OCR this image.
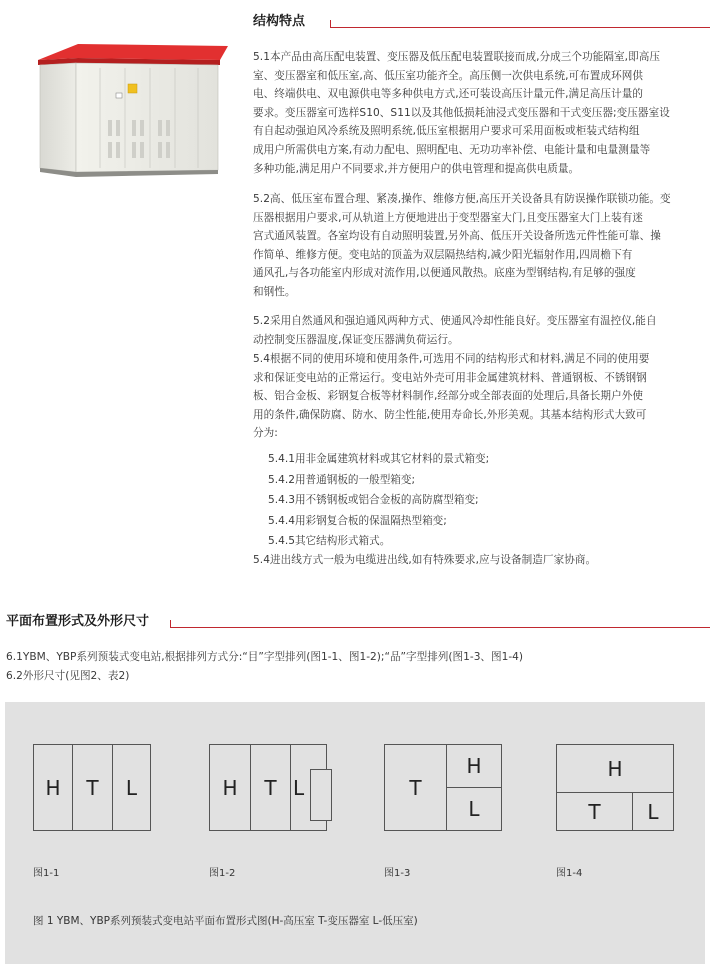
结构特点
5.1本产品由高压配电装置、变压器及低压配电装置联接而成,分成三个功能隔室,即高压
室、变压器室和低压室,高、低压室功能齐全。高压侧一次供电系统,可布置成环网供
电、终端供电、双电源供电等多种供电方式,还可装设高压计量元件,满足高压计量的
要求。变压器室可选样S10、S11以及其他低损耗油浸式变压器和干式变压器;变压器室设
有自起动强迫风冷系统及照明系统,低压室根据用户要求可采用面板或柜装式结构组
成用户所需供电方案,有动力配电、照明配电、无功功率补偿、电能计量和电量测量等
多种功能,满足用户不同要求,并方便用户的供电管理和提高供电质量。
5.2高、低压室布置合理、紧凑,操作、维修方便,高压开关设备具有防误操作联锁功能。变
压器根据用户要求,可从轨道上方便地进出于变型器室大门,且变压器室大门上装有迷
宫式通风装置。各室均设有自动照明装置,另外高、低压开关设备所选元件性能可靠、操
作简单、维修方便。变电站的顶盖为双层隔热结构,减少阳光辐射作用,四周檐下有
通风孔,与各功能室内形成对流作用,以便通风散热。底座为型钢结构,有足够的强度
和钢性。
5.2采用自然通风和强迫通风两种方式、使通风冷却性能良好。变压器室有温控仪,能自
动控制变压器温度,保证变压器满负荷运行。
5.4根据不同的使用环境和使用条件,可选用不同的结构形式和材料,满足不同的使用要
求和保证变电站的正常运行。变电站外壳可用非金属建筑材料、普通钢板、不锈钢钢
板、铝合金板、彩钢复合板等材料制作,经部分或全部表面的处理后,具备长期户外使
用的条件,确保防腐、防水、防尘性能,使用寿命长,外形美观。其基本结构形式大致可
分为:
5.4.1用非金属建筑材料或其它材料的景式箱变;
5.4.2用普通钢板的一般型箱变;
5.4.3用不锈钢板或铝合金板的高防腐型箱变;
5.4.4用彩钢复合板的保温隔热型箱变;
5.4.5其它结构形式箱式。
5.4进出线方式一般为电缆进出线,如有特殊要求,应与设备制造厂家协商。
平面布置形式及外形尺寸
6.1YBM、YBP系列预装式变电站,根据排列方式分:“目”字型排列(图1-1、图1-2);“品”字型排列(图1-3、图1-4)
6.2外形尺寸(见图2、表2)
H	T	L	H	T L	T
H
L
H
T	L
图1-1	图1-2	图1-3	图1-4
图 1 YBM、YBP系列预装式变电站平面布置形式图(H-高压室 T-变压器室 L-低压室)
